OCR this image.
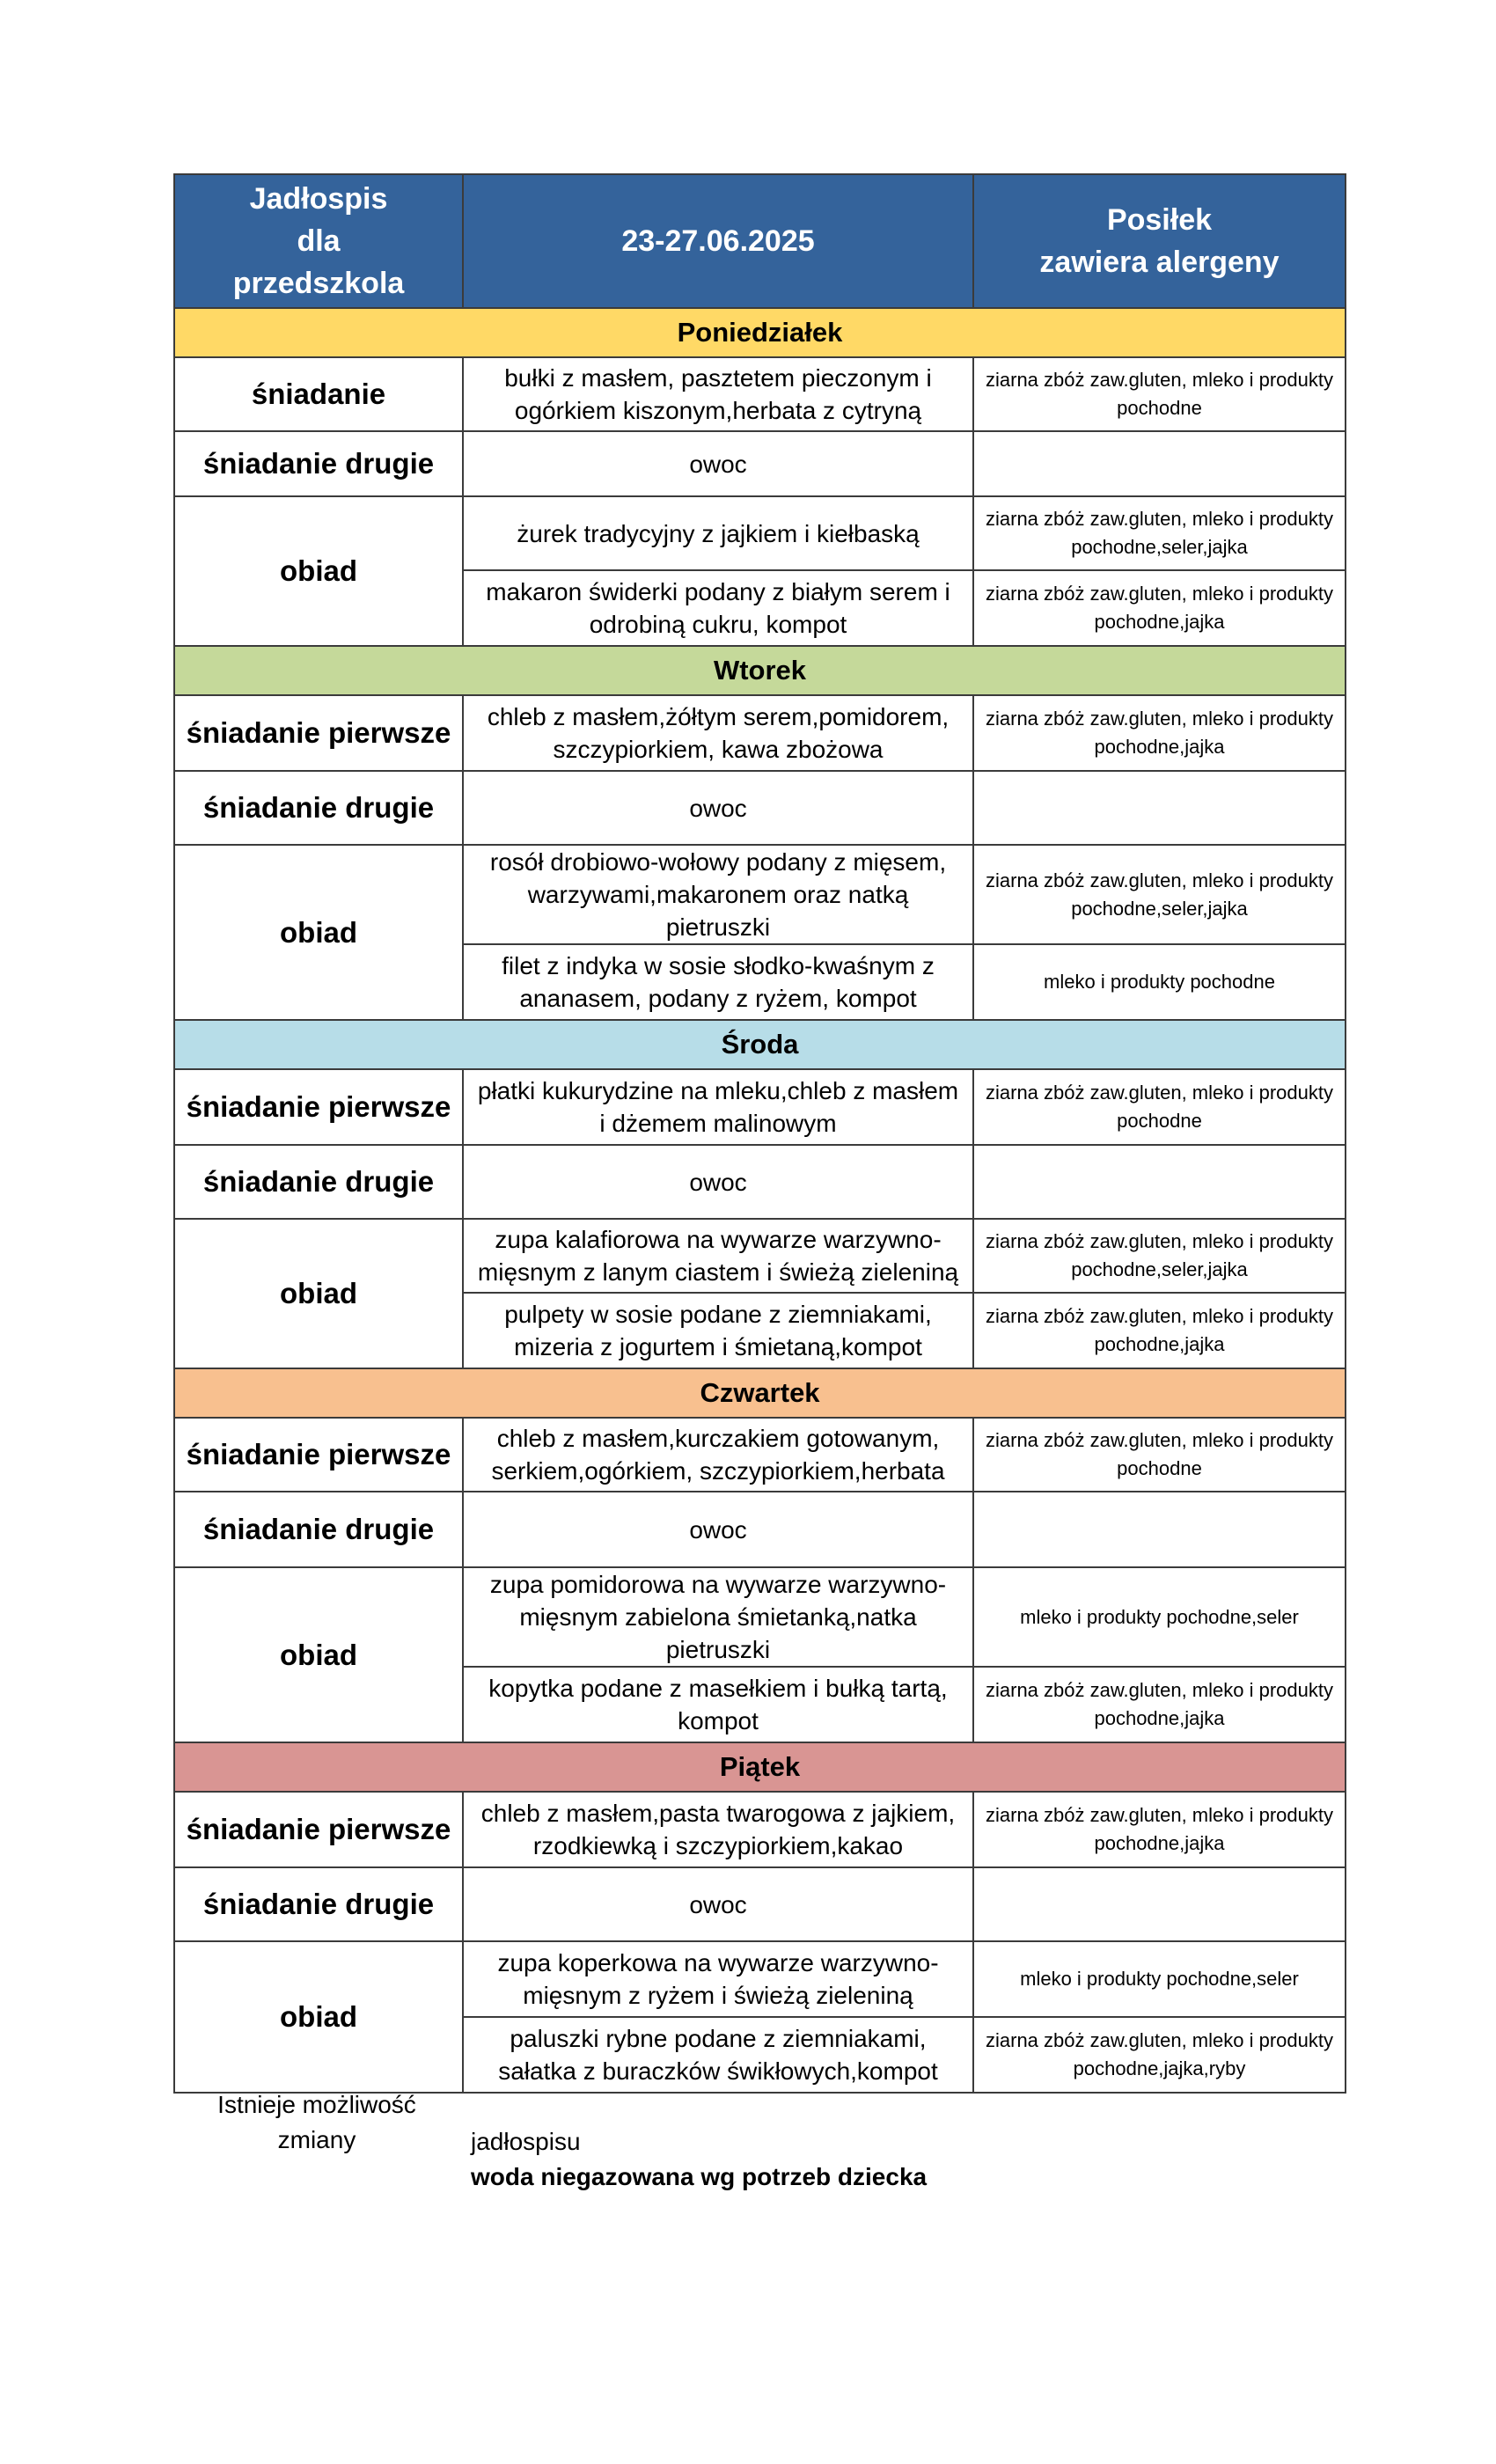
Jadłospis
dla
przedszkola	23-27.06.2025	Posiłek
zawiera alergeny

Poniedziałek		
śniadanie	bułki z masłem, pasztetem pieczonym i ogórkiem kiszonym,herbata z cytryną	ziarna zbóż zaw.gluten, mleko i produkty pochodne
śniadanie drugie	owoc	
obiad	żurek tradycyjny z jajkiem i kiełbaską	ziarna zbóż zaw.gluten, mleko i produkty pochodne,seler,jajka
	makaron świderki podany z białym serem i odrobiną cukru, kompot	ziarna zbóż zaw.gluten, mleko i produkty pochodne,jajka
Wtorek		
śniadanie pierwsze	chleb z masłem,żółtym serem,pomidorem, szczypiorkiem, kawa zbożowa	ziarna zbóż zaw.gluten, mleko i produkty pochodne,jajka
śniadanie drugie	owoc	
obiad	rosół drobiowo-wołowy podany z mięsem, warzywami,makaronem oraz natką pietruszki	ziarna zbóż zaw.gluten, mleko i produkty pochodne,seler,jajka
	filet z indyka w sosie słodko-kwaśnym z ananasem, podany z ryżem, kompot	mleko i produkty pochodne
Środa		
śniadanie pierwsze	płatki kukurydzine na mleku,chleb z masłem i dżemem malinowym	ziarna zbóż zaw.gluten, mleko i produkty pochodne
śniadanie drugie	owoc	
obiad	zupa kalafiorowa na wywarze warzywno-mięsnym z lanym ciastem i świeżą zieleniną	ziarna zbóż zaw.gluten, mleko i produkty pochodne,seler,jajka
	pulpety w sosie podane z ziemniakami, mizeria z jogurtem i śmietaną,kompot	ziarna zbóż zaw.gluten, mleko i produkty pochodne,jajka
Czwartek		
śniadanie pierwsze	chleb z masłem,kurczakiem gotowanym, serkiem,ogórkiem, szczypiorkiem,herbata	ziarna zbóż zaw.gluten, mleko i produkty pochodne
śniadanie drugie	owoc	
obiad	zupa pomidorowa na wywarze warzywno-mięsnym zabielona śmietanką,natka pietruszki	mleko i produkty pochodne,seler
	kopytka podane z masełkiem i bułką tartą, kompot	ziarna zbóż zaw.gluten, mleko i produkty pochodne,jajka
Piątek		
śniadanie pierwsze	chleb z masłem,pasta twarogowa z jajkiem, rzodkiewką i szczypiorkiem,kakao	ziarna zbóż zaw.gluten, mleko i produkty pochodne,jajka
śniadanie drugie	owoc	
obiad	zupa koperkowa na wywarze warzywno-mięsnym z ryżem i świeżą zieleniną	mleko i produkty pochodne,seler
	paluszki rybne podane z ziemniakami, sałatka z buraczków świkłowych,kompot	ziarna zbóż zaw.gluten, mleko i produkty pochodne,jajka,ryby
Istnieje możliwość
zmiany	jadłospisu
woda niegazowana wg potrzeb dziecka
